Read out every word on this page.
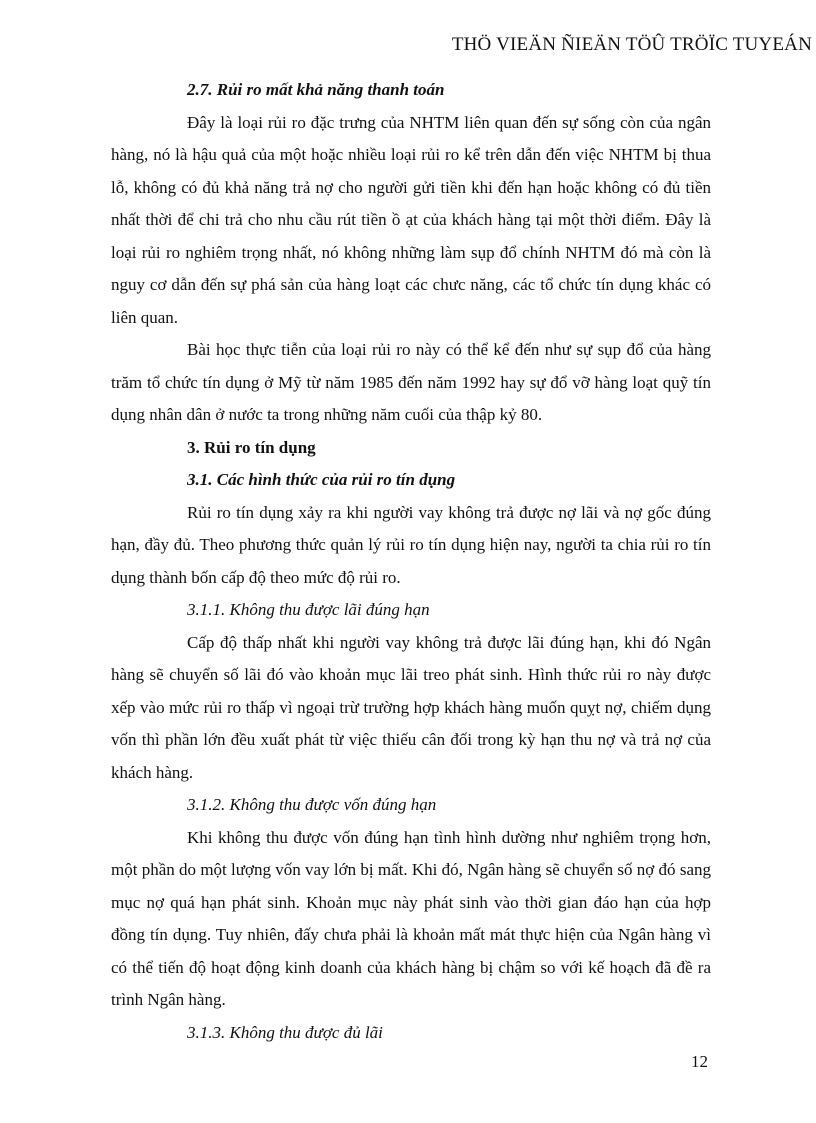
THÖ VIEÄN ÑIEÄN TÖÛ TRÖÏC TUYEÁN

2.7. Rủi ro mất khả năng thanh toán

Đây là loại rủi ro đặc trưng của NHTM liên quan đến sự sống còn của ngân hàng, nó là hậu quả của một hoặc nhiều loại rủi ro kể trên dẫn đến việc NHTM bị thua lỗ, không có đủ khả năng trả nợ cho người gửi tiền khi đến hạn hoặc không có đủ tiền nhất thời để chi trả cho nhu cầu rút tiền ồ ạt của khách hàng tại một thời điểm. Đây là loại rủi ro nghiêm trọng nhất, nó không những làm sụp đổ chính NHTM đó mà còn là nguy cơ dẫn đến sự phá sản của hàng loạt các chưc năng, các tổ chức tín dụng khác có liên quan.

Bài học thực tiễn của loại rủi ro này có thể kể đến như sự sụp đổ của hàng trăm tổ chức tín dụng ở Mỹ từ năm 1985 đến năm 1992 hay sự đổ vỡ hàng loạt quỹ tín dụng nhân dân ở nước ta trong những năm cuối của thập kỷ 80.

3. Rủi ro tín dụng

3.1. Các hình thức của rủi ro tín dụng

Rủi ro tín dụng xảy ra khi người vay không trả được nợ lãi và nợ gốc đúng hạn, đầy đủ. Theo phương thức quản lý rủi ro tín dụng hiện nay, người ta chia rủi ro tín dụng thành bốn cấp độ theo mức độ rủi ro.

3.1.1. Không thu được lãi đúng hạn

Cấp độ thấp nhất khi người vay không trả được lãi đúng hạn, khi đó Ngân hàng sẽ chuyển số lãi đó vào khoản mục lãi treo phát sinh. Hình thức rủi ro này được xếp vào mức rủi ro thấp vì ngoại trừ trường hợp khách hàng muốn quỵt nợ, chiếm dụng vốn thì phần lớn đều xuất phát từ việc thiếu cân đối trong kỳ hạn thu nợ và trả nợ của khách hàng.

3.1.2. Không thu được vốn đúng hạn

Khi không thu được vốn đúng hạn tình hình dường như nghiêm trọng hơn, một phần do một lượng vốn vay lớn bị mất. Khi đó, Ngân hàng sẽ chuyển số nợ đó sang mục nợ quá hạn phát sinh. Khoản mục này phát sinh vào thời gian đáo hạn của hợp đồng tín dụng. Tuy nhiên, đấy chưa phải là khoản mất mát thực hiện của Ngân hàng vì có thể tiến độ hoạt động kinh doanh của khách hàng bị chậm so với kế hoạch đã đề ra trình Ngân hàng.

3.1.3. Không thu được đủ lãi

12
